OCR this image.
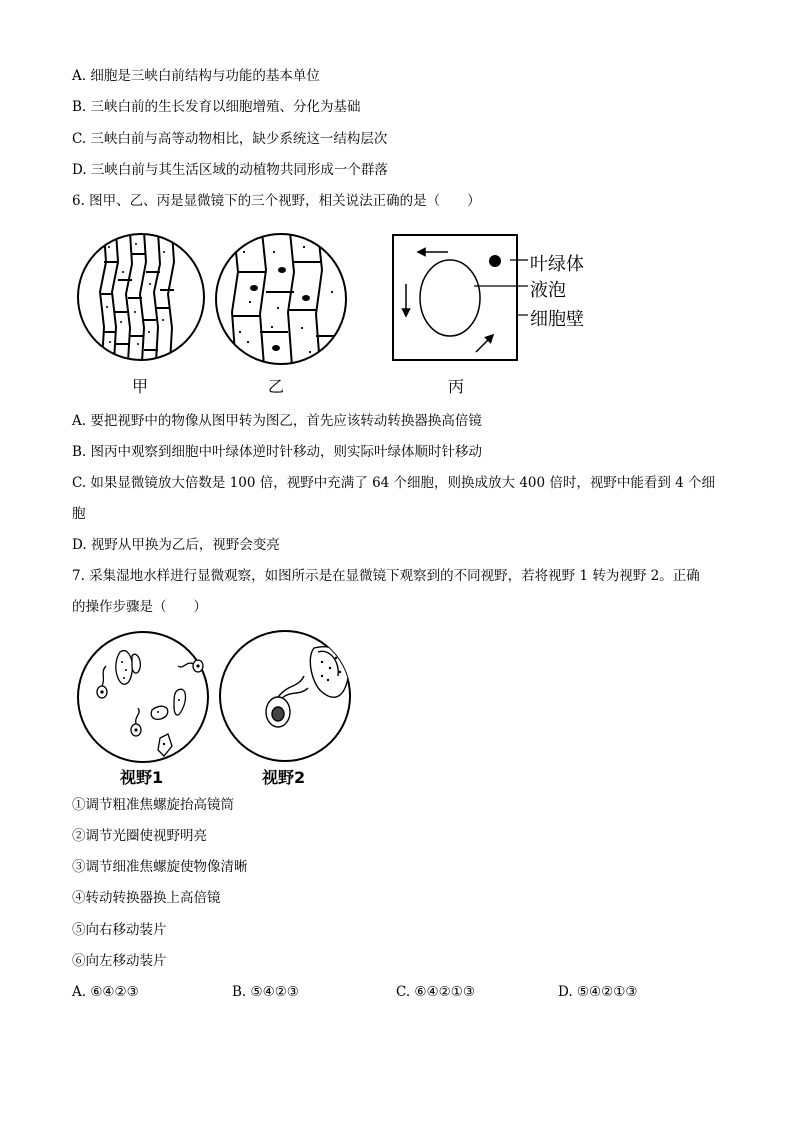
A. 细胞是三峡白前结构与功能的基本单位
B. 三峡白前的生长发育以细胞增殖、分化为基础
C. 三峡白前与高等动物相比，缺少系统这一结构层次
D. 三峡白前与其生活区域的动植物共同形成一个群落
6. 图甲、乙、丙是显微镜下的三个视野，相关说法正确的是（　　）
甲	乙
叶绿体
液泡
细胞壁
丙
A. 要把视野中的物像从图甲转为图乙，首先应该转动转换器换高倍镜
B. 图丙中观察到细胞中叶绿体逆时针移动，则实际叶绿体顺时针移动
C. 如果显微镜放大倍数是 100 倍，视野中充满了 64 个细胞，则换成放大 400 倍时，视野中能看到 4 个细
胞
D. 视野从甲换为乙后，视野会变亮
7. 采集湿地水样进行显微观察，如图所示是在显微镜下观察到的不同视野，若将视野 1 转为视野 2。正确
的操作步骤是（　　）
视野1	视野2
①调节粗准焦螺旋抬高镜筒
②调节光圈使视野明亮
③调节细准焦螺旋使物像清晰
④转动转换器换上高倍镜
⑤向右移动装片
⑥向左移动装片
A. ⑥④②③	B. ⑤④②③	C. ⑥④②①③	D. ⑤④②①③
